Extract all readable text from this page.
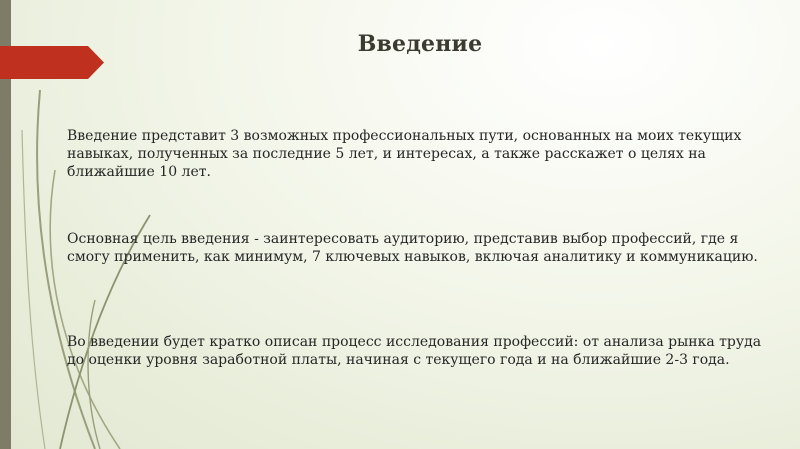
Введение

Введение представит 3 возможных профессиональных пути, основанных на моих текущих навыках, полученных за последние 5 лет, и интересах, а также расскажет о целях на ближайшие 10 лет.

Основная цель введения - заинтересовать аудиторию, представив выбор профессий, где я смогу применить, как минимум, 7 ключевых навыков, включая аналитику и коммуникацию.

Во введении будет кратко описан процесс исследования профессий: от анализа рынка труда до оценки уровня заработной платы, начиная с текущего года и на ближайшие 2-3 года.
